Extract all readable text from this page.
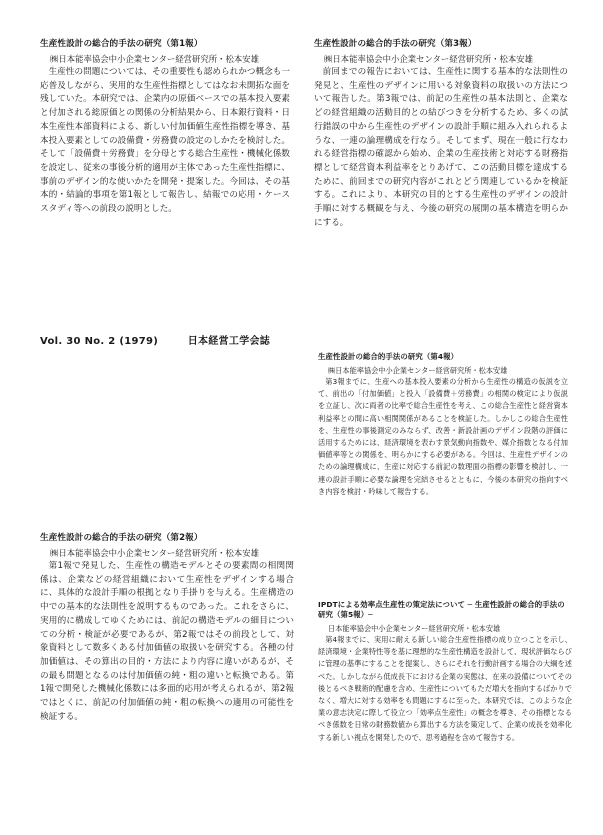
生産性設計の総合的手法の研究（第1報）

㈱日本能率協会中小企業センター経営研究所・松本安雄

生産性の問題については、その重要性も認められかつ概念も一応普及しながら、実用的な生産性指標としてはなお未開拓な面を残していた。本研究では、企業内の原価ベースでの基本投入要素と付加される総原価との関係の分析結果から、日本銀行資料・日本生産性本部資料による、新しい付加価値生産性指標を導き、基本投入要素としての設備費・労務費の設定のしかたを検討した。そして「設備費＋労務費」を分母とする総合生産性・機械化係数を設定し、従来の事後分析的適用が主体であった生産性指標に、事前のデザイン的な使いかたを開発・提案した。今回は、その基本的・結論的事項を第1報として報告し、結報での応用・ケーススタディ等への前段の説明とした。

生産性設計の総合的手法の研究（第3報）

㈱日本能率協会中小企業センター経営研究所・松本安雄

前回までの報告においては、生産性に関する基本的な法則性の発見と、生産性のデザインに用いる対象資料の取扱いの方法について報告した。第3報では、前記の生産性の基本法則と、企業などの経営組織の活動目的との結びつきを分析するため、多くの試行錯誤の中から生産性のデザインの設計手順に組み入れられるような、一連の論理構成を行なう。そしてまず、現在一般に行なわれる経営指標の確認から始め、企業の生産技術と対応する財務指標として経営資本利益率をとりあげて、この活動目標を達成するために、前回までの研究内容がこれとどう関連しているかを検証する。これにより、本研究の目的とする生産性のデザインの設計手順に対する概観を与え、今後の研究の展開の基本構造を明らかにする。

Vol. 30 No. 2 (1979)	日本経営工学会誌

生産性設計の総合的手法の研究（第4報）

㈱日本能率協会中小企業センター経営研究所・松本安雄

第3報までに、生産への基本投入要素の分析から生産性の構造の仮説を立て、前出の「付加価値」と投入「設備費＋労務費」の相関の検定により仮説を立証し、次に両者の比率で総合生産性を考え、この総合生産性と経営資本利益率との間に高い相関関係があることを検証した。しかしこの総合生産性を、生産性の事後測定のみならず、改善・新設計画のデザイン段階の評価に活用するためには、経済環境を表わす景気動向指数や、媒介指数となる付加価値率等との関係を、明らかにする必要がある。今回は、生産性デザインのための論理構成に、生産に対応する前記の数理面の指標の影響を検討し、一連の設計手順に必要な論理を完結させるとともに、今後の本研究の指向すべき内容を検討・吟味して報告する。

生産性設計の総合的手法の研究（第2報）

㈱日本能率協会中小企業センター経営研究所・松本安雄

第1報で発見した、生産性の構造モデルとその要素間の相関関係は、企業などの経営組織において生産性をデザインする場合に、具体的な設計手順の根拠となり手掛りを与える。生産構造の中での基本的な法則性を説明するものであった。これをさらに、実用的に構成してゆくためには、前記の構造モデルの細目についての分析・検証が必要であるが、第2報ではその前段として、対象資料として数多くある付加価値の取扱いを研究する。各種の付加価値は、その算出の目的・方法により内容に違いがあるが、その最も問題となるのは付加価値の純・粗の違いと転換である。第1報で開発した機械化係数には多面的応用が考えられるが、第2報ではとくに、前記の付加価値の純・粗の転換への適用の可能性を検証する。

IPDTによる効率点生産性の策定法について ─ 生産性設計の総合的手法の研究（第5報）─

日本能率協会中小企業センター経営研究所・松本安雄

第4報までに、実用に耐える新しい総合生産性指標の成り立つことを示し、経済環境・企業特性等を基に理想的な生産性構造を設計して、現状評価ならびに管理の基準にすることを提案し、さらにそれを行動計画する場合の大綱を述べた。しかしながら低成長下における企業の実態は、在来の設備についてその後とるべき戦術的配慮を含め、生産性についてもただ増大を指向するばかりでなく、増大に対する効率をも問題にするに至った。本研究では、このような企業の意志決定に際して役立つ「効率点生産性」の概念を導き、その指標となるべき係数を日常の財務数値から算出する方法を策定して、企業の成長を効率化する新しい視点を開発したので、思考過程を含めて報告する。
